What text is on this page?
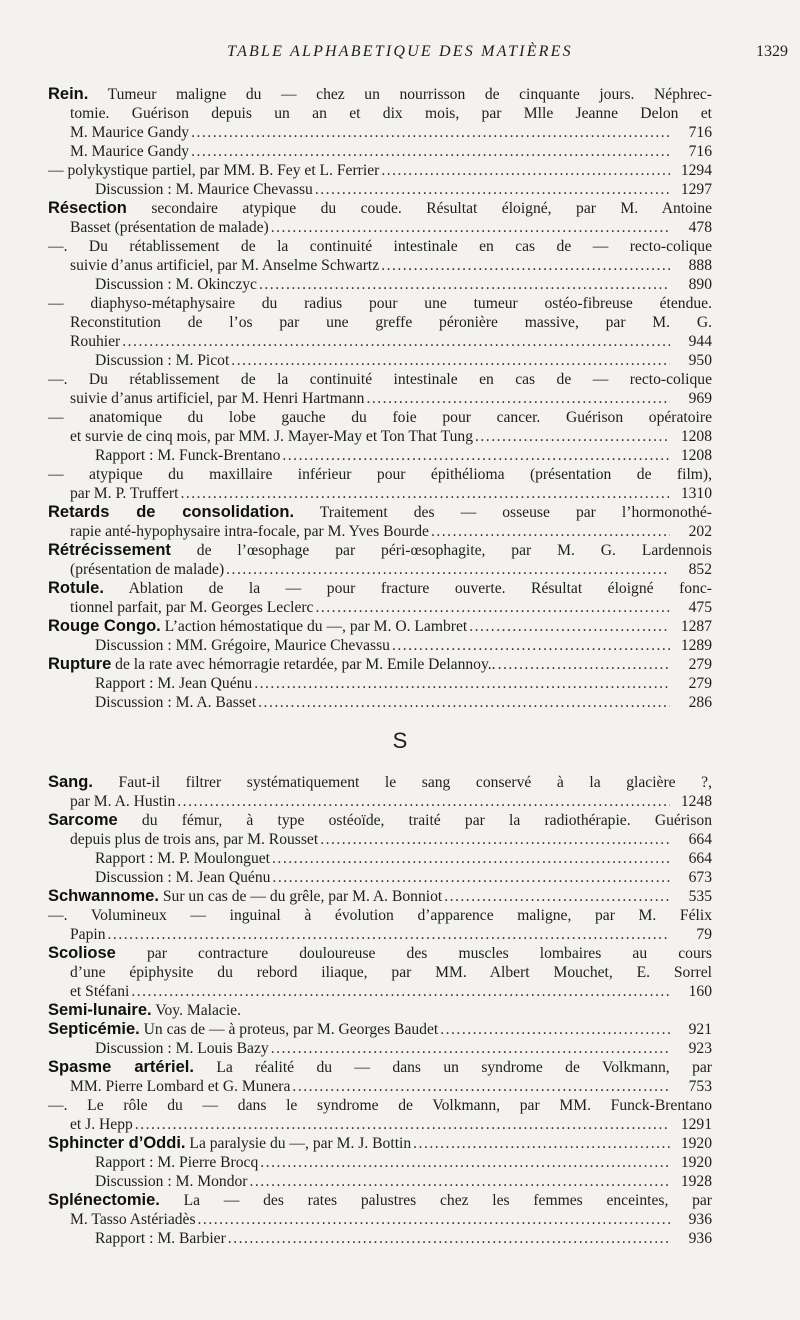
TABLE ALPHABETIQUE DES MATIÈRES	1329
Rein. Tumeur maligne du — chez un nourrisson de cinquante jours. Néphrec-
tomie. Guérison depuis un an et dix mois, par Mlle Jeanne Delon et
M. Maurice Gandy .....	716
M. Maurice Gandy .....	716
— polykystique partiel, par MM. B. Fey et L. Ferrier .....	1294
Discussion : M. Maurice Chevassu .....	1297
Résection secondaire atypique du coude. Résultat éloigné, par M. Antoine
Basset (présentation de malade) .....	478
—. Du rétablissement de la continuité intestinale en cas de — recto-colique
suivie d’anus artificiel, par M. Anselme Schwartz .....	888
Discussion : M. Okinczyc .....	890
— diaphyso-métaphysaire du radius pour une tumeur ostéo-fibreuse étendue.
Reconstitution de l’os par une greffe péronière massive, par M. G.
Rouhier .....	944
Discussion : M. Picot .....	950
—. Du rétablissement de la continuité intestinale en cas de — recto-colique
suivie d’anus artificiel, par M. Henri Hartmann .....	969
— anatomique du lobe gauche du foie pour cancer. Guérison opératoire
et survie de cinq mois, par MM. J. Mayer-May et Ton That Tung .....	1208
Rapport : M. Funck-Brentano .....	1208
— atypique du maxillaire inférieur pour épithélioma (présentation de film),
par M. P. Truffert .....	1310
Retards de consolidation. Traitement des — osseuse par l’hormonothé-
rapie anté-hypophysaire intra-focale, par M. Yves Bourde .....	202
Rétrécissement de l’œsophage par péri-œsophagite, par M. G. Lardennois
(présentation de malade) .....	852
Rotule. Ablation de la — pour fracture ouverte. Résultat éloigné fonc-
tionnel parfait, par M. Georges Leclerc .....	475
Rouge Congo. L’action hémostatique du —, par M. O. Lambret .....	1287
Discussion : MM. Grégoire, Maurice Chevassu .....	1289
Rupture de la rate avec hémorragie retardée, par M. Emile Delannoy.. .....	279
Rapport : M. Jean Quénu .....	279
Discussion : M. A. Basset .....	286
S
Sang. Faut-il filtrer systématiquement le sang conservé à la glacière ?,
par M. A. Hustin .....	1248
Sarcome du fémur, à type ostéoïde, traité par la radiothérapie. Guérison
depuis plus de trois ans, par M. Rousset .....	664
Rapport : M. P. Moulonguet .....	664
Discussion : M. Jean Quénu .....	673
Schwannome. Sur un cas de — du grêle, par M. A. Bonniot .....	535
—. Volumineux — inguinal à évolution d’apparence maligne, par M. Félix
Papin .....	79
Scoliose par contracture douloureuse des muscles lombaires au cours
d’une épiphysite du rebord iliaque, par MM. Albert Mouchet, E. Sorrel
et Stéfani .....	160
Semi-lunaire. Voy. Malacie.
Septicémie. Un cas de — à proteus, par M. Georges Baudet .....	921
Discussion : M. Louis Bazy .....	923
Spasme artériel. La réalité du — dans un syndrome de Volkmann, par
MM. Pierre Lombard et G. Munera .....	753
—. Le rôle du — dans le syndrome de Volkmann, par MM. Funck-Brentano
et J. Hepp .....	1291
Sphincter d’Oddi. La paralysie du —, par M. J. Bottin .....	1920
Rapport : M. Pierre Brocq .....	1920
Discussion : M. Mondor .....	1928
Splénectomie. La — des rates palustres chez les femmes enceintes, par
M. Tasso Astériadès .....	936
Rapport : M. Barbier .....	936
